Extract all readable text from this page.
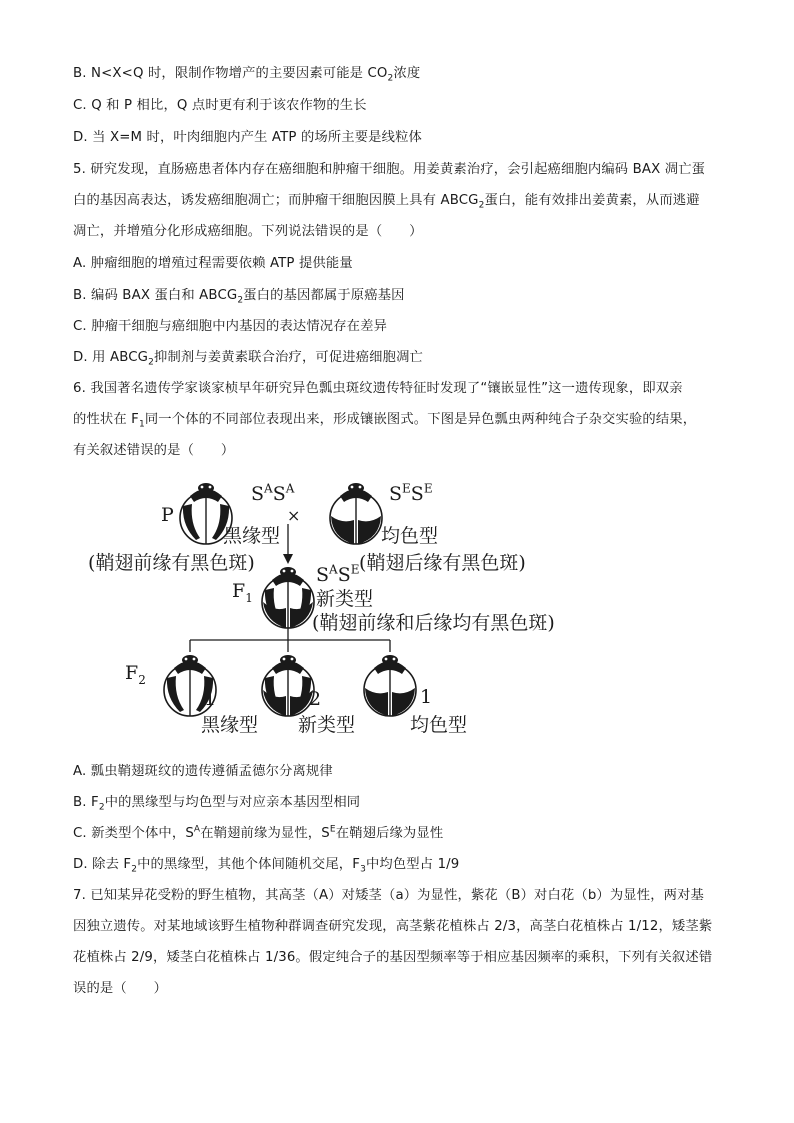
B. N<X<Q 时，限制作物增产的主要因素可能是 $CO_2$浓度
C. Q 和 P 相比，Q 点时更有利于该农作物的生长
D. 当 X=M 时，叶肉细胞内产生 ATP 的场所主要是线粒体
5. 研究发现，直肠癌患者体内存在癌细胞和肿瘤干细胞。用姜黄素治疗，会引起癌细胞内编码 BAX 凋亡蛋
白的基因高表达，诱发癌细胞凋亡；而肿瘤干细胞因膜上具有 $ABCG_2$蛋白，能有效排出姜黄素，从而逃避
凋亡，并增殖分化形成癌细胞。下列说法错误的是（　　）
A. 肿瘤细胞的增殖过程需要依赖 ATP 提供能量
B. 编码 BAX 蛋白和 $ABCG_2$蛋白的基因都属于原癌基因
C. 肿瘤干细胞与癌细胞中内基因的表达情况存在差异
D. 用 $ABCG_2$抑制剂与姜黄素联合治疗，可促进癌细胞凋亡
6. 我国著名遗传学家谈家桢早年研究异色瓢虫斑纹遗传特征时发现了“镶嵌显性”这一遗传现象，即双亲
的性状在 $F_1$同一个体的不同部位表现出来，形成镶嵌图式。下图是异色瓢虫两种纯合子杂交实验的结果，
有关叙述错误的是（　　）
P
$S^AS^A$
×
$S^ES^E$
黑缘型	均色型
(鞘翅前缘有黑色斑)	(鞘翅后缘有黑色斑)
$F_1$
$S^AS^E$
新类型
(鞘翅前缘和后缘均有黑色斑)
$F_2$
1	2	1
黑缘型 新类型	均色型
A. 瓢虫鞘翅斑纹的遗传遵循孟德尔分离规律
B. $F_2$中的黑缘型与均色型与对应亲本基因型相同
C. 新类型个体中，$S^A$在鞘翅前缘为显性，$S^E$在鞘翅后缘为显性
D. 除去 $F_2$中的黑缘型，其他个体间随机交尾，$F_3$中均色型占 1/9
7. 已知某异花受粉的野生植物，其高茎（A）对矮茎（a）为显性，紫花（B）对白花（b）为显性，两对基
因独立遗传。对某地域该野生植物种群调查研究发现，高茎紫花植株占 2/3，高茎白花植株占 1/12，矮茎紫
花植株占 2/9，矮茎白花植株占 1/36。假定纯合子的基因型频率等于相应基因频率的乘积，下列有关叙述错
误的是（　　）
